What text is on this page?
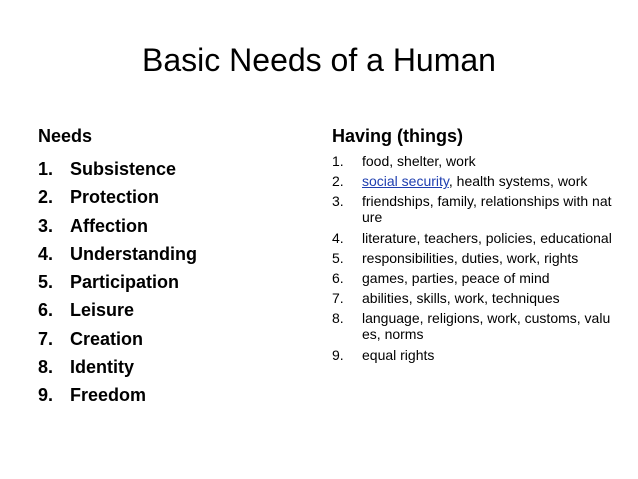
Basic Needs of a Human
Needs
1. Subsistence
2. Protection
3. Affection
4. Understanding
5. Participation
6. Leisure
7. Creation
8. Identity
9. Freedom
Having (things)
1.	food, shelter, work
2.	social security, health systems, work
3.	friendships, family, relationships with nature
4.	literature, teachers, policies, educational
5.	responsibilities, duties, work, rights
6.	games, parties, peace of mind
7.	abilities, skills, work, techniques
8.	language, religions, work, customs, values, norms
9.	equal rights
